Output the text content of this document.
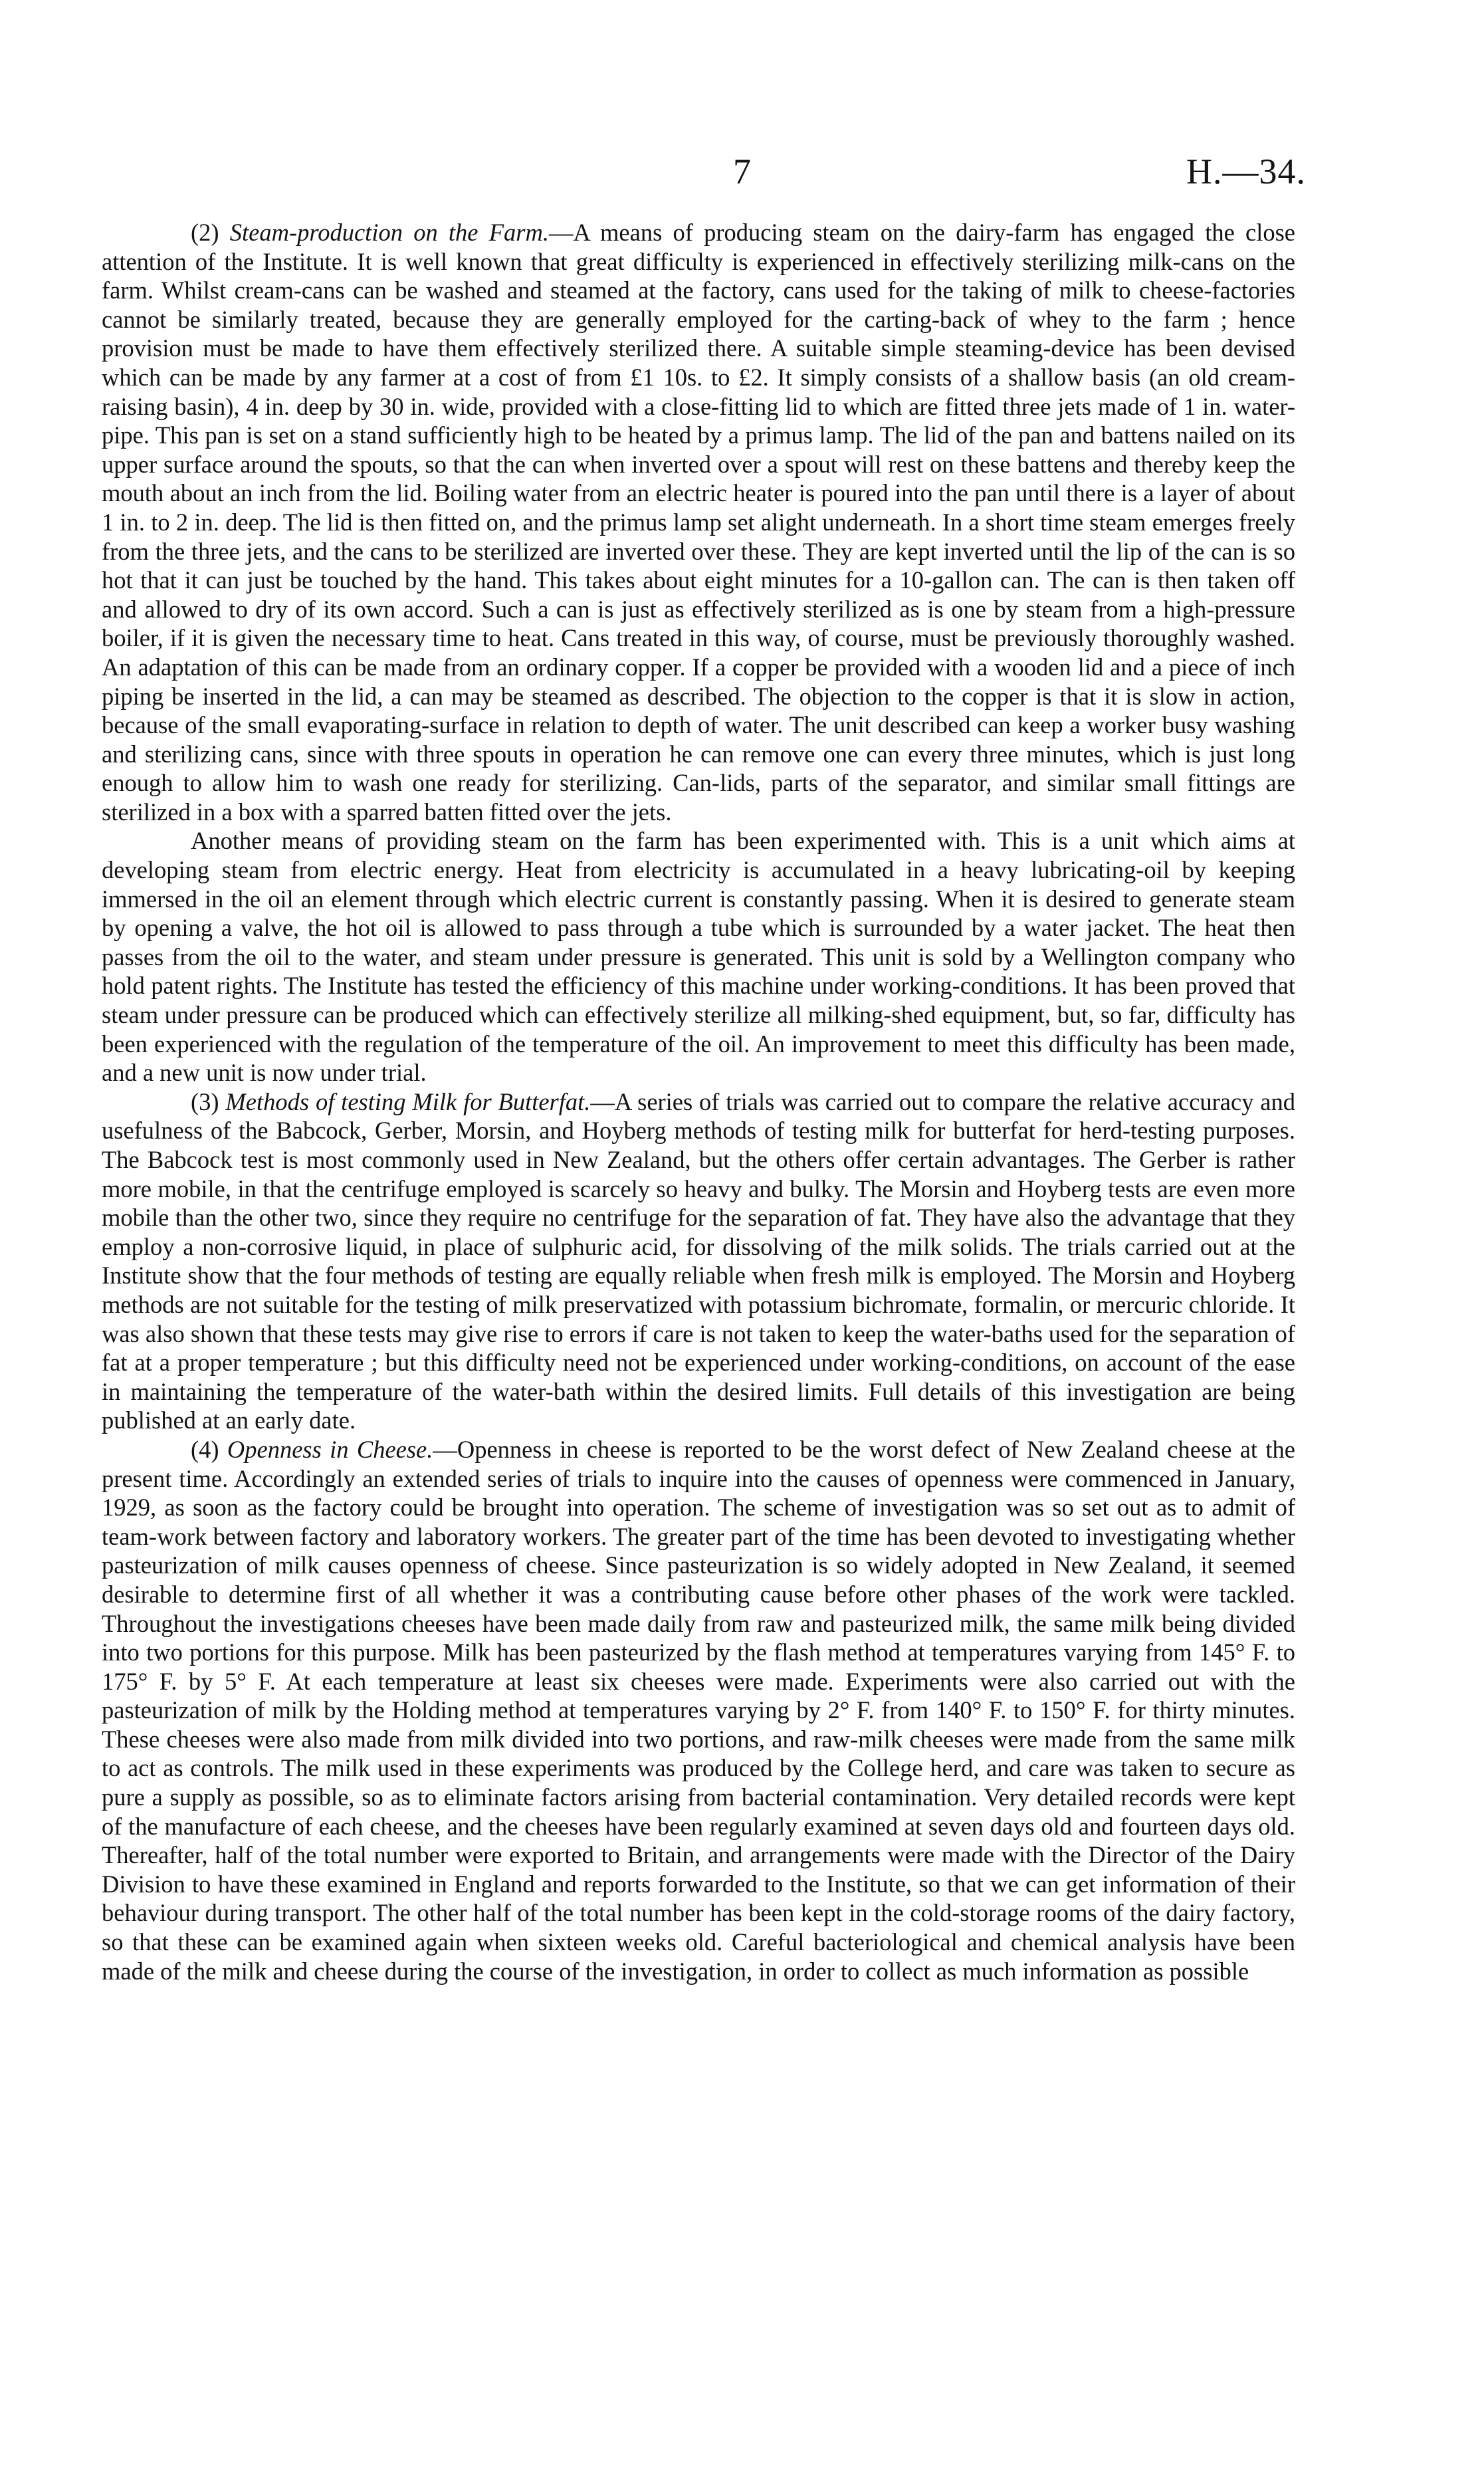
7	H.—34.

(2) Steam-production on the Farm.—A means of producing steam on the dairy-farm has engaged the close attention of the Institute. It is well known that great difficulty is experienced in effectively sterilizing milk-cans on the farm. Whilst cream-cans can be washed and steamed at the factory, cans used for the taking of milk to cheese-factories cannot be similarly treated, because they are generally employed for the carting-back of whey to the farm ; hence provision must be made to have them effectively sterilized there. A suitable simple steaming-device has been devised which can be made by any farmer at a cost of from £1 10s. to £2. It simply consists of a shallow basis (an old cream-raising basin), 4 in. deep by 30 in. wide, provided with a close-fitting lid to which are fitted three jets made of 1 in. water-pipe. This pan is set on a stand sufficiently high to be heated by a primus lamp. The lid of the pan and battens nailed on its upper surface around the spouts, so that the can when inverted over a spout will rest on these battens and thereby keep the mouth about an inch from the lid. Boiling water from an electric heater is poured into the pan until there is a layer of about 1 in. to 2 in. deep. The lid is then fitted on, and the primus lamp set alight underneath. In a short time steam emerges freely from the three jets, and the cans to be sterilized are inverted over these. They are kept inverted until the lip of the can is so hot that it can just be touched by the hand. This takes about eight minutes for a 10-gallon can. The can is then taken off and allowed to dry of its own accord. Such a can is just as effectively sterilized as is one by steam from a high-pressure boiler, if it is given the necessary time to heat. Cans treated in this way, of course, must be previously thoroughly washed. An adaptation of this can be made from an ordinary copper. If a copper be provided with a wooden lid and a piece of inch piping be inserted in the lid, a can may be steamed as described. The objection to the copper is that it is slow in action, because of the small evaporating-surface in relation to depth of water. The unit described can keep a worker busy washing and sterilizing cans, since with three spouts in operation he can remove one can every three minutes, which is just long enough to allow him to wash one ready for sterilizing. Can-lids, parts of the separator, and similar small fittings are sterilized in a box with a sparred batten fitted over the jets.

Another means of providing steam on the farm has been experimented with. This is a unit which aims at developing steam from electric energy. Heat from electricity is accumulated in a heavy lubricating-oil by keeping immersed in the oil an element through which electric current is constantly passing. When it is desired to generate steam by opening a valve, the hot oil is allowed to pass through a tube which is surrounded by a water jacket. The heat then passes from the oil to the water, and steam under pressure is generated. This unit is sold by a Wellington company who hold patent rights. The Institute has tested the efficiency of this machine under working-conditions. It has been proved that steam under pressure can be produced which can effectively sterilize all milking-shed equipment, but, so far, difficulty has been experienced with the regulation of the temperature of the oil. An improvement to meet this difficulty has been made, and a new unit is now under trial.

(3) Methods of testing Milk for Butterfat.—A series of trials was carried out to compare the relative accuracy and usefulness of the Babcock, Gerber, Morsin, and Hoyberg methods of testing milk for butterfat for herd-testing purposes. The Babcock test is most commonly used in New Zealand, but the others offer certain advantages. The Gerber is rather more mobile, in that the centrifuge employed is scarcely so heavy and bulky. The Morsin and Hoyberg tests are even more mobile than the other two, since they require no centrifuge for the separation of fat. They have also the advantage that they employ a non-corrosive liquid, in place of sulphuric acid, for dissolving of the milk solids. The trials carried out at the Institute show that the four methods of testing are equally reliable when fresh milk is employed. The Morsin and Hoyberg methods are not suitable for the testing of milk preservatized with potassium bichromate, formalin, or mercuric chloride. It was also shown that these tests may give rise to errors if care is not taken to keep the water-baths used for the separation of fat at a proper temperature ; but this difficulty need not be experienced under working-conditions, on account of the ease in maintaining the temperature of the water-bath within the desired limits. Full details of this investigation are being published at an early date.

(4) Openness in Cheese.—Openness in cheese is reported to be the worst defect of New Zealand cheese at the present time. Accordingly an extended series of trials to inquire into the causes of openness were commenced in January, 1929, as soon as the factory could be brought into operation. The scheme of investigation was so set out as to admit of team-work between factory and laboratory workers. The greater part of the time has been devoted to investigating whether pasteurization of milk causes openness of cheese. Since pasteurization is so widely adopted in New Zealand, it seemed desirable to determine first of all whether it was a contributing cause before other phases of the work were tackled. Throughout the investigations cheeses have been made daily from raw and pasteurized milk, the same milk being divided into two portions for this purpose. Milk has been pasteurized by the flash method at temperatures varying from 145° F. to 175° F. by 5° F. At each temperature at least six cheeses were made. Experiments were also carried out with the pasteurization of milk by the Holding method at temperatures varying by 2° F. from 140° F. to 150° F. for thirty minutes. These cheeses were also made from milk divided into two portions, and raw-milk cheeses were made from the same milk to act as controls. The milk used in these experiments was produced by the College herd, and care was taken to secure as pure a supply as possible, so as to eliminate factors arising from bacterial contamination. Very detailed records were kept of the manufacture of each cheese, and the cheeses have been regularly examined at seven days old and fourteen days old. Thereafter, half of the total number were exported to Britain, and arrangements were made with the Director of the Dairy Division to have these examined in England and reports forwarded to the Institute, so that we can get information of their behaviour during transport. The other half of the total number has been kept in the cold-storage rooms of the dairy factory, so that these can be examined again when sixteen weeks old. Careful bacteriological and chemical analysis have been made of the milk and cheese during the course of the investigation, in order to collect as much information as possible
